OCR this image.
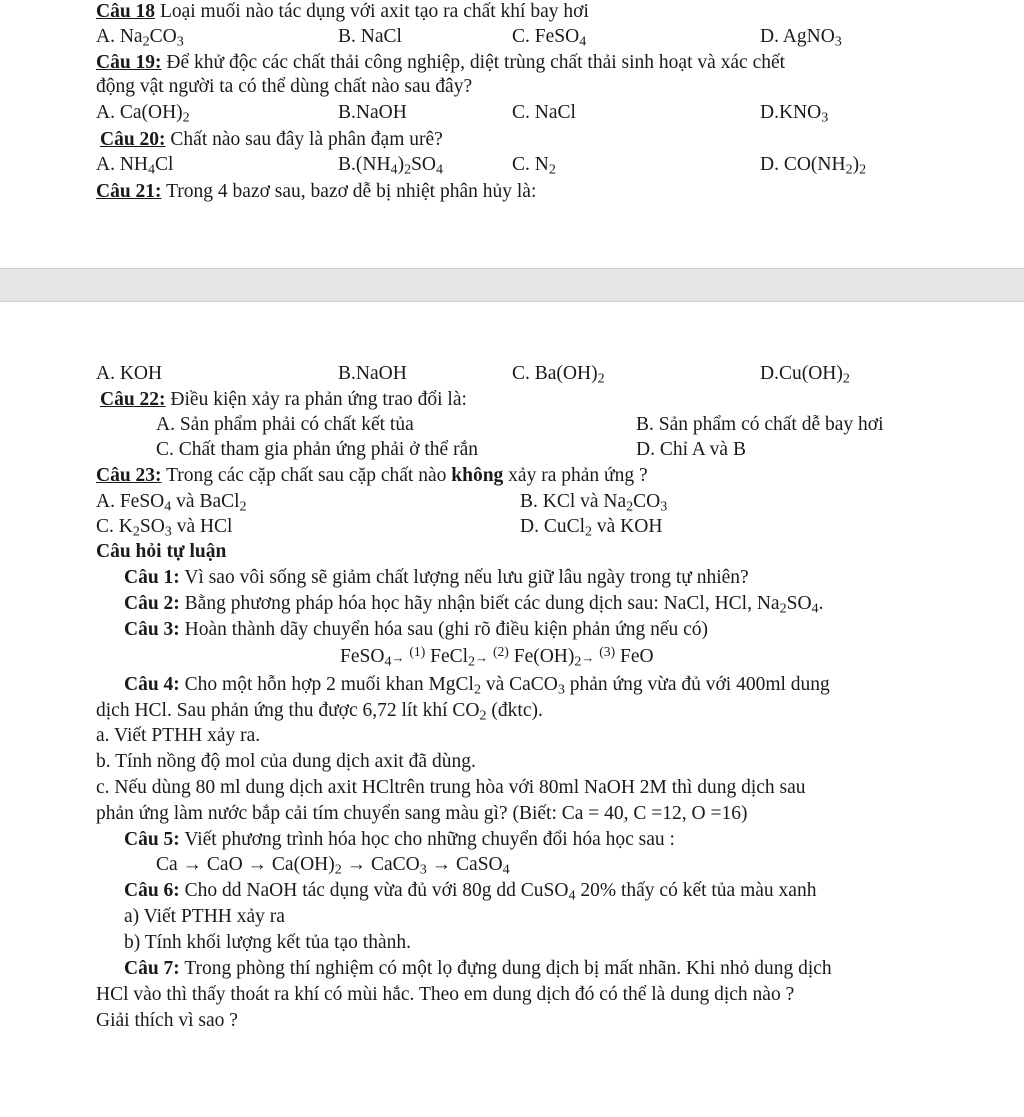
Câu 18 Loại muối nào tác dụng với axit tạo ra chất khí bay hơi
A. $Na_2CO_3$	B. NaCl	C. FeSO$_4$	D. AgNO$_3$
Câu 19: Để khử độc các chất thải công nghiệp, diệt trùng chất thải sinh hoạt và xác chết
động vật người ta có thể dùng chất nào sau đây?
A. $Ca(OH)_2$	B.NaOH	C. NaCl	$D.KNO_3$
Câu 20: Chất nào sau đây là phân đạm urê?
A. $NH_4Cl$	$B.(NH_4)_2SO_4$	C. $N_2$	D. $CO(NH_2)_2$
Câu 21: Trong 4 bazơ sau, bazơ dễ bị nhiệt phân hủy là:
A. KOH	B.NaOH	C. $Ba(OH)_2$	$D.Cu(OH)_2$
Câu 22: Điều kiện xảy ra phản ứng trao đổi là:
A. Sản phẩm phải có chất kết tủa	B. Sản phẩm có chất dễ bay hơi
C. Chất tham gia phản ứng phải ở thể rắn	D. Chỉ A và B
Câu 23: Trong các cặp chất sau cặp chất nào không xảy ra phản ứng ?
A. FeSO$_4$ và BaCl$_2$	B. KCl và $Na_2CO_3$
C. $K_2SO_3$ và HCl	D. CuCl$_2$ và KOH
Câu hỏi tự luận
Câu 1: Vì sao vôi sống sẽ giảm chất lượng nếu lưu giữ lâu ngày trong tự nhiên?
Câu 2: Bằng phương pháp hóa học hãy nhận biết các dung dịch sau: NaCl, HCl, $Na_2SO_4$.
Câu 3: Hoàn thành dãy chuyển hóa sau (ghi rõ điều kiện phản ứng nếu có)
FeSO$_4$→ $^{(1)}$ FeCl$_2$→ $^{(2)}$ $Fe(OH)_2\to ^{(3)}$ FeO
Câu 4: Cho một hỗn hợp 2 muối khan MgCl$_2$ và CaCO$_3$ phản ứng vừa đủ với 400ml dung
dịch HCl. Sau phản ứng thu được 6,72 lít khí $CO_2$ (đktc).
a. Viết PTHH xảy ra.
b. Tính nồng độ mol của dung dịch axit đã dùng.
c. Nếu dùng 80 ml dung dịch axit HCltrên trung hòa với 80ml NaOH 2M thì dung dịch sau
phản ứng làm nước bắp cải tím chuyển sang màu gì? (Biết: Ca = 40, C =12, O =16)
Câu 5: Viết phương trình hóa học cho những chuyển đổi hóa học sau :
Ca → CaO → $Ca(OH)_2$ → CaCO$_3$ → CaSO$_4$
Câu 6: Cho dd NaOH tác dụng vừa đủ với 80g dd CuSO$_4$ 20% thấy có kết tủa màu xanh
a) Viết PTHH xảy ra
b) Tính khối lượng kết tủa tạo thành.
Câu 7: Trong phòng thí nghiệm có một lọ đựng dung dịch bị mất nhãn. Khi nhỏ dung dịch
HCl vào thì thấy thoát ra khí có mùi hắc. Theo em dung dịch đó có thể là dung dịch nào ?
Giải thích vì sao ?
